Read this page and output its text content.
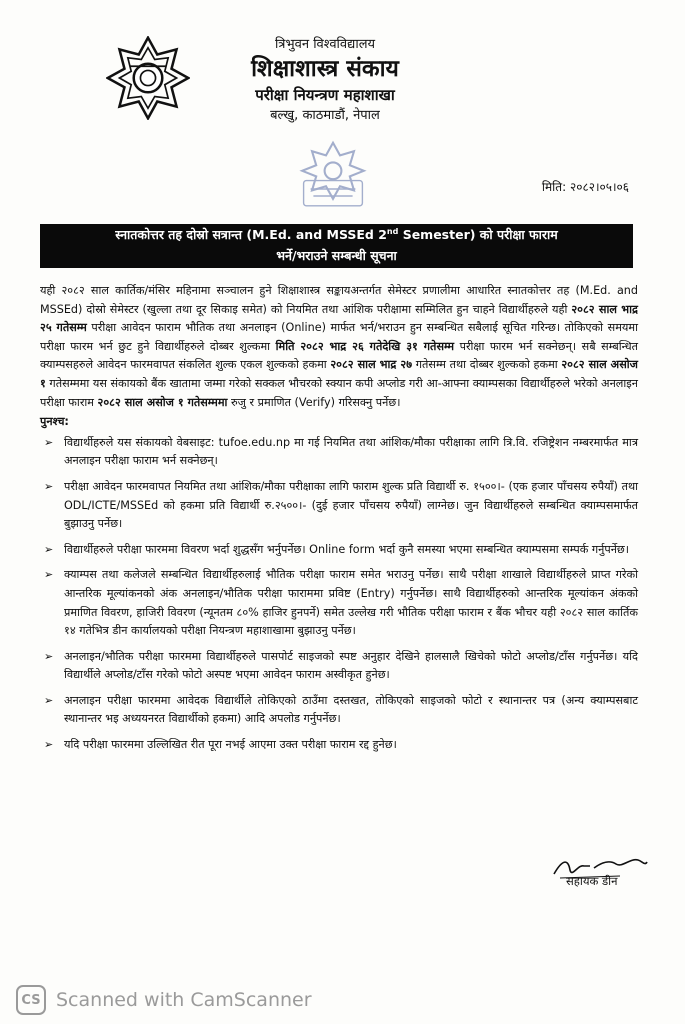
त्रिभुवन विश्वविद्यालय
शिक्षाशास्त्र संकाय
परीक्षा नियन्त्रण महाशाखा
बल्खु, काठमाडौं, नेपाल
मिति: २०८२।०५।०६
स्नातकोत्तर तह दोस्रो सत्रान्त (M.Ed. and MSSEd 2nd Semester) को परीक्षा फाराम
भर्ने/भराउने सम्बन्धी सूचना

यही २०८२ साल कार्तिक/मंसिर महिनामा सञ्चालन हुने शिक्षाशास्त्र सङ्कायअन्तर्गत सेमेस्टर प्रणालीमा आधारित स्नातकोत्तर तह (M.Ed. and MSSEd) दोस्रो सेमेस्टर (खुल्ला तथा दूर सिकाइ समेत) को नियमित तथा आंशिक परीक्षामा सम्मिलित हुन चाहने विद्यार्थीहरुले यही २०८२ साल भाद्र २५ गतेसम्म परीक्षा आवेदन फाराम भौतिक तथा अनलाइन (Online) मार्फत भर्न/भराउन हुन सम्बन्धित सबैलाई सूचित गरिन्छ। तोकिएको समयमा परीक्षा फारम भर्न छुट हुने विद्यार्थीहरुले दोब्बर शुल्कमा मिति २०८२ भाद्र २६ गतेदेखि ३१ गतेसम्म परीक्षा फारम भर्न सक्नेछन्। सबै सम्बन्धित क्याम्पसहरुले आवेदन फारमवापत संकलित शुल्क एकल शुल्कको हकमा २०८२ साल भाद्र २७ गतेसम्म तथा दोब्बर शुल्कको हकमा २०८२ साल असोज १ गतेसम्ममा यस संकायको बैंक खातामा जम्मा गरेको सक्कल भौचरको स्क्यान कपी अप्लोड गरी आ-आफ्ना क्याम्पसका विद्यार्थीहरुले भरेको अनलाइन परीक्षा फाराम २०८२ साल असोज १ गतेसम्ममा रुजु र प्रमाणित (Verify) गरिसक्नु पर्नेछ।

पुनश्च:

➢ विद्यार्थीहरुले यस संकायको वेबसाइट: tufoe.edu.np मा गई नियमित तथा आंशिक/मौका परीक्षाका लागि त्रि.वि. रजिष्ट्रेशन नम्बरमार्फत मात्र अनलाइन परीक्षा फाराम भर्न सक्नेछन्।
➢ परीक्षा आवेदन फारमवापत नियमित तथा आंशिक/मौका परीक्षाका लागि फाराम शुल्क प्रति विद्यार्थी रु. १५००।- (एक हजार पाँचसय रुपैयाँ) तथा ODL/ICTE/MSSEd को हकमा प्रति विद्यार्थी रु.२५००।- (दुई हजार पाँचसय रुपैयाँ) लाग्नेछ। जुन विद्यार्थीहरुले सम्बन्धित क्याम्पसमार्फत बुझाउनु पर्नेछ।
➢ विद्यार्थीहरुले परीक्षा फारममा विवरण भर्दा शुद्धसँग भर्नुपर्नेछ। Online form भर्दा कुनै समस्या भएमा सम्बन्धित क्याम्पसमा सम्पर्क गर्नुपर्नेछ।
➢ क्याम्पस तथा कलेजले सम्बन्धित विद्यार्थीहरुलाई भौतिक परीक्षा फाराम समेत भराउनु पर्नेछ। साथै परीक्षा शाखाले विद्यार्थीहरुले प्राप्त गरेको आन्तरिक मूल्यांकनको अंक अनलाइन/भौतिक परीक्षा फाराममा प्रविष्ट (Entry) गर्नुपर्नेछ। साथै विद्यार्थीहरुको आन्तरिक मूल्यांकन अंकको प्रमाणित विवरण, हाजिरी विवरण (न्यूनतम ८०% हाजिर हुनपर्ने) समेत उल्लेख गरी भौतिक परीक्षा फाराम र बैंक भौचर यही २०८२ साल कार्तिक १४ गतेभित्र डीन कार्यालयको परीक्षा नियन्त्रण महाशाखामा बुझाउनु पर्नेछ।
➢ अनलाइन/भौतिक परीक्षा फारममा विद्यार्थीहरुले पासपोर्ट साइजको स्पष्ट अनुहार देखिने हालसालै खिचेको फोटो अप्लोड/टाँस गर्नुपर्नेछ। यदि विद्यार्थीले अप्लोड/टाँस गरेको फोटो अस्पष्ट भएमा आवेदन फाराम अस्वीकृत हुनेछ।
➢ अनलाइन परीक्षा फारममा आवेदक विद्यार्थीले तोकिएको ठाउँमा दस्तखत, तोकिएको साइजको फोटो र स्थानान्तर पत्र (अन्य क्याम्पसबाट स्थानान्तर भइ अध्ययनरत विद्यार्थीको हकमा) आदि अपलोड गर्नुपर्नेछ।
➢ यदि परीक्षा फारममा उल्लिखित रीत पूरा नभई आएमा उक्त परीक्षा फाराम रद्द हुनेछ।
सहायक डीन
CS Scanned with CamScanner
